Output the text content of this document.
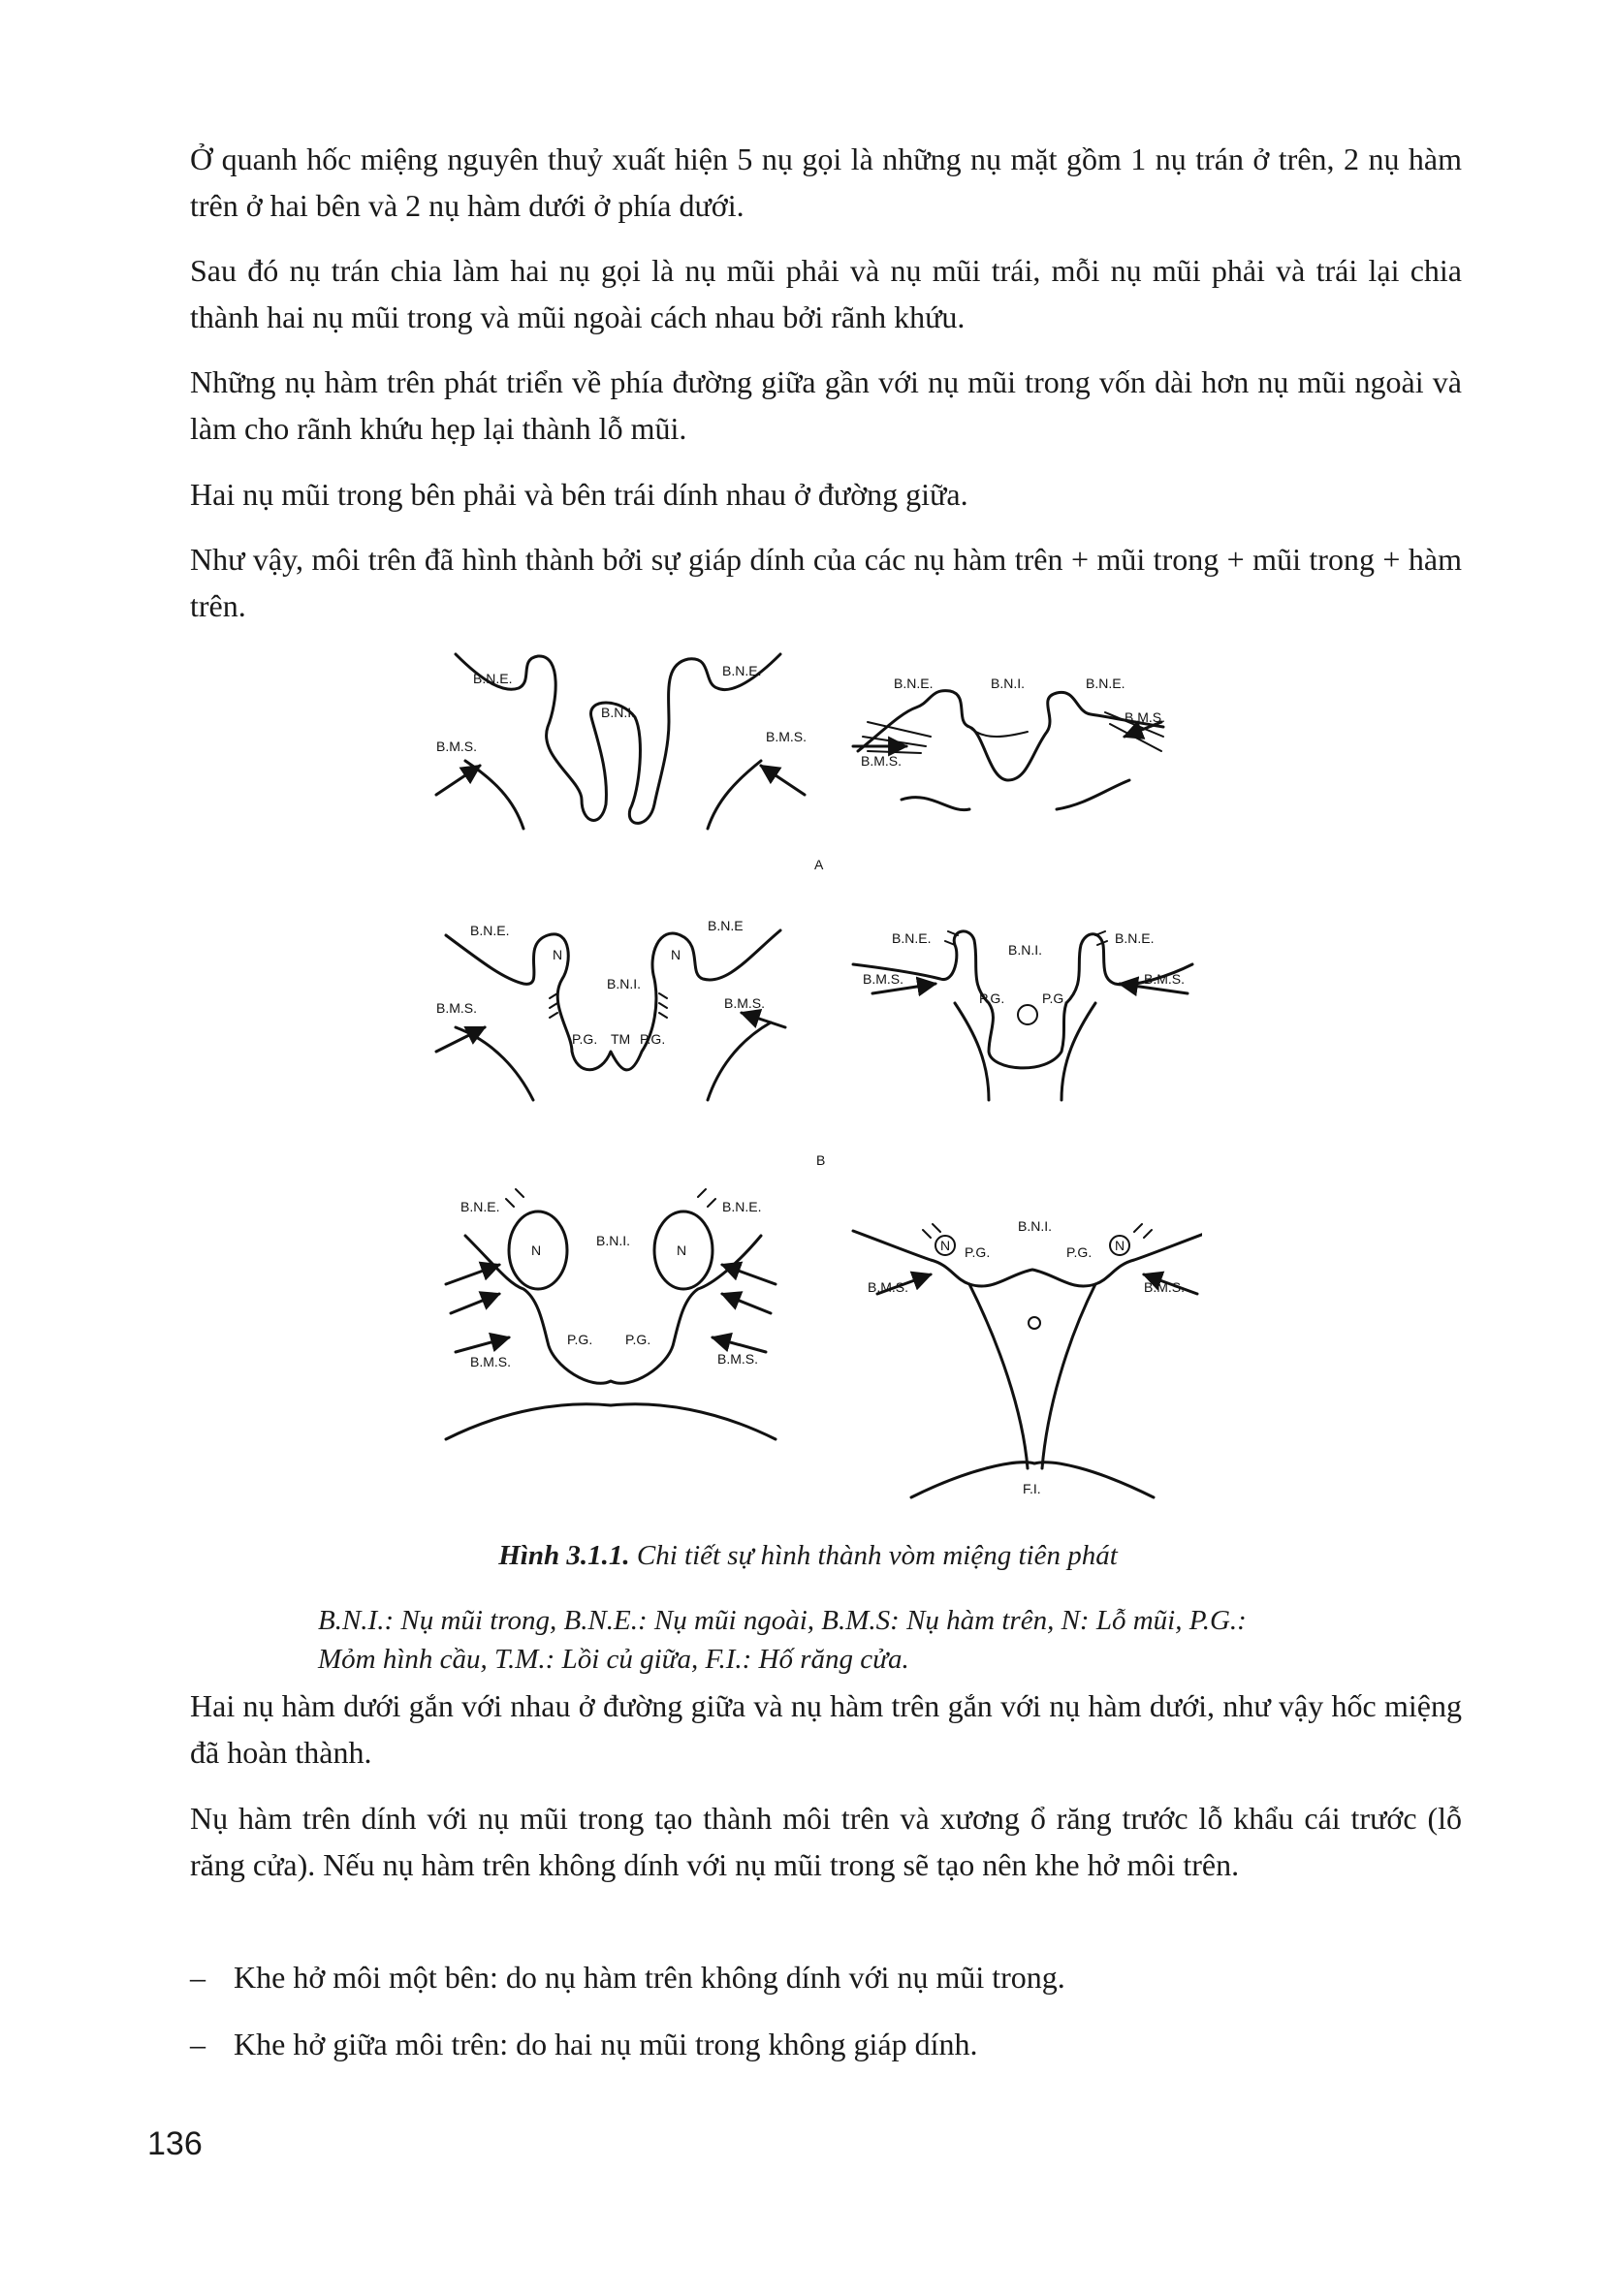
Ở quanh hốc miệng nguyên thuỷ xuất hiện 5 nụ gọi là những nụ mặt gồm 1 nụ trán ở trên, 2 nụ hàm trên ở hai bên và 2 nụ hàm dưới ở phía dưới.

Sau đó nụ trán chia làm hai nụ gọi là nụ mũi phải và nụ mũi trái, mỗi nụ mũi phải và trái lại chia thành hai nụ mũi trong và mũi ngoài cách nhau bởi rãnh khứu.

Những nụ hàm trên phát triển về phía đường giữa gần với nụ mũi trong vốn dài hơn nụ mũi ngoài và làm cho rãnh khứu hẹp lại thành lỗ mũi.

Hai nụ mũi trong bên phải và bên trái dính nhau ở đường giữa.

Như vậy, môi trên đã hình thành bởi sự giáp dính của các nụ hàm trên + mũi trong + mũi trong + hàm trên.

B.N.E.
B.N.I.
B.N.E.
B.M.S.
B.M.S.
B.N.E.	B.N.I.	B.N.E.
B.M.S.
B.M.S.
A
B.N.E.
N
B.N.I.
N
B.N.E
B.M.S.	B.M.S.
P.G. TM P.G.
B.N.E.
B.N.I.
B.N.E.
B.M.S.	B.M.S.
P.G.	P.G.
B
B.N.E.
N
B.N.I.
N
B.N.E.
P.G. P.G.
B.M.S.	B.M.S.
N	N
B.N.I.
P.G.	P.G.
B.M.S.	B.M.S.
F.I.
Hình 3.1.1. Chi tiết sự hình thành vòm miệng tiên phát

B.N.I.: Nụ mũi trong, B.N.E.: Nụ mũi ngoài, B.M.S: Nụ hàm trên, N: Lỗ mũi, P.G.: Mỏm hình cầu, T.M.: Lồi củ giữa, F.I.: Hố răng cửa.

Hai nụ hàm dưới gắn với nhau ở đường giữa và nụ hàm trên gắn với nụ hàm dưới, như vậy hốc miệng đã hoàn thành.

Nụ hàm trên dính với nụ mũi trong tạo thành môi trên và xương ổ răng trước lỗ khẩu cái trước (lỗ răng cửa). Nếu nụ hàm trên không dính với nụ mũi trong sẽ tạo nên khe hở môi trên.

– Khe hở môi một bên: do nụ hàm trên không dính với nụ mũi trong.
– Khe hở giữa môi trên: do hai nụ mũi trong không giáp dính.
136
